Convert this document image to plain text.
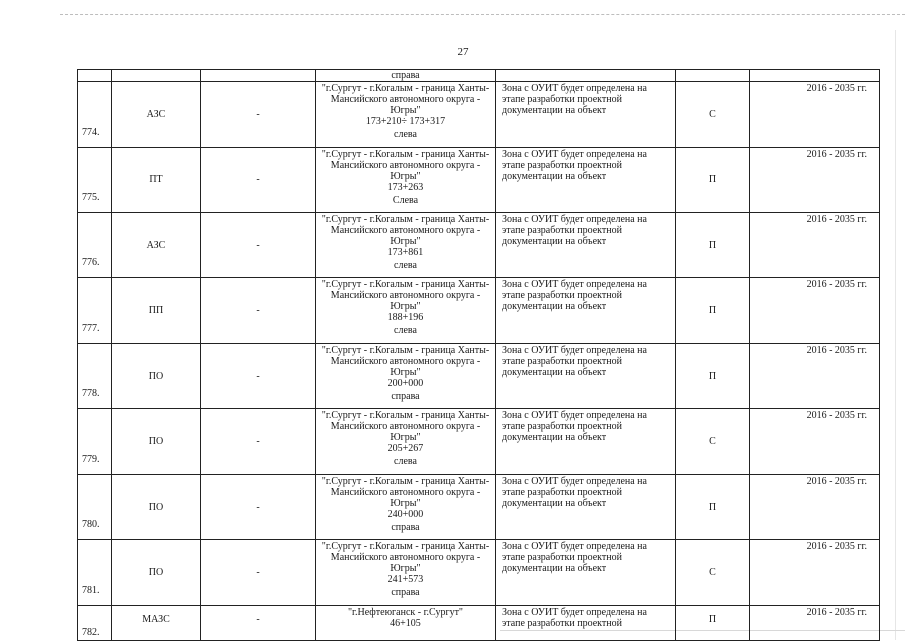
27
			справа			

774.	АЗС	-	"г.Сургут - г.Когалым - граница Ханты-Мансийского автономного округа - Югры"
173+210÷ 173+317
слева	Зона с ОУИТ будет определена на этапе разработки проектной документации на объект	С	2016 - 2035 гг.

775.	ПТ	-	"г.Сургут - г.Когалым - граница Ханты-Мансийского автономного округа - Югры"
173+263
Слева	Зона с ОУИТ будет определена на этапе разработки проектной документации на объект	П	2016 - 2035 гг.

776.	АЗС	-	"г.Сургут - г.Когалым - граница Ханты-Мансийского автономного округа - Югры"
173+861
слева	Зона с ОУИТ будет определена на этапе разработки проектной документации на объект	П	2016 - 2035 гг.

777.	ПП	-	"г.Сургут - г.Когалым - граница Ханты-Мансийского автономного округа - Югры"
188+196
слева	Зона с ОУИТ будет определена на этапе разработки проектной документации на объект	П	2016 - 2035 гг.

778.	ПО	-	"г.Сургут - г.Когалым - граница Ханты-Мансийского автономного округа - Югры"
200+000
справа	Зона с ОУИТ будет определена на этапе разработки проектной документации на объект	П	2016 - 2035 гг.

779.	ПО	-	"г.Сургут - г.Когалым - граница Ханты-Мансийского автономного округа - Югры"
205+267
слева	Зона с ОУИТ будет определена на этапе разработки проектной документации на объект	С	2016 - 2035 гг.

780.	ПО	-	"г.Сургут - г.Когалым - граница Ханты-Мансийского автономного округа - Югры"
240+000
справа	Зона с ОУИТ будет определена на этапе разработки проектной документации на объект	П	2016 - 2035 гг.

781.	ПО	-	"г.Сургут - г.Когалым - граница Ханты-Мансийского автономного округа - Югры"
241+573
справа	Зона с ОУИТ будет определена на этапе разработки проектной документации на объект	С	2016 - 2035 гг.

782.	МАЗС	-	"г.Нефтеюганск - г.Сургут"
46+105	Зона с ОУИТ будет определена на этапе разработки проектной	П	2016 - 2035 гг.
